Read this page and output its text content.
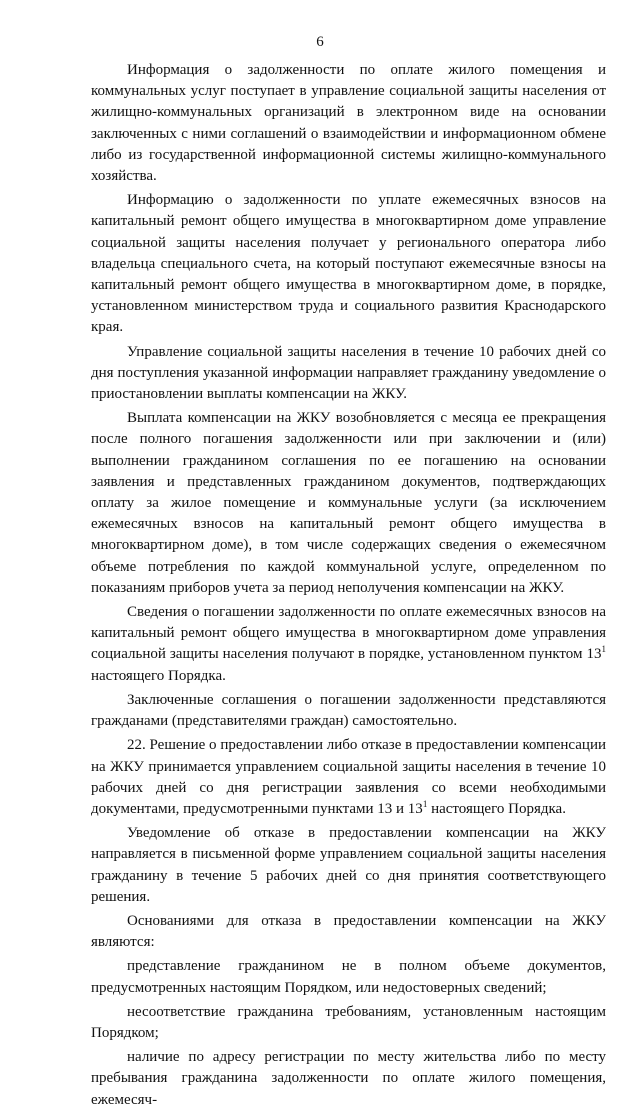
6

Информация о задолженности по оплате жилого помещения и коммунальных услуг поступает в управление социальной защиты населения от жилищно-коммунальных организаций в электронном виде на основании заключенных с ними соглашений о взаимодействии и информационном обмене либо из государственной информационной системы жилищно-коммунального хозяйства.

Информацию о задолженности по уплате ежемесячных взносов на капитальный ремонт общего имущества в многоквартирном доме управление социальной защиты населения получает у регионального оператора либо владельца специального счета, на который поступают ежемесячные взносы на капитальный ремонт общего имущества в многоквартирном доме, в порядке, установленном министерством труда и социального развития Краснодарского края.

Управление социальной защиты населения в течение 10 рабочих дней со дня поступления указанной информации направляет гражданину уведомление о приостановлении выплаты компенсации на ЖКУ.

Выплата компенсации на ЖКУ возобновляется с месяца ее прекращения после полного погашения задолженности или при заключении и (или) выполнении гражданином соглашения по ее погашению на основании заявления и представленных гражданином документов, подтверждающих оплату за жилое помещение и коммунальные услуги (за исключением ежемесячных взносов на капитальный ремонт общего имущества в многоквартирном доме), в том числе содержащих сведения о ежемесячном объеме потребления по каждой коммунальной услуге, определенном по показаниям приборов учета за период неполучения компенсации на ЖКУ.

Сведения о погашении задолженности по оплате ежемесячных взносов на капитальный ремонт общего имущества в многоквартирном доме управления социальной защиты населения получают в порядке, установленном пунктом $13^1$ настоящего Порядка.

Заключенные соглашения о погашении задолженности представляются гражданами (представителями граждан) самостоятельно.

22. Решение о предоставлении либо отказе в предоставлении компенсации на ЖКУ принимается управлением социальной защиты населения в течение 10 рабочих дней со дня регистрации заявления со всеми необходимыми документами, предусмотренными пунктами 13 и $13^1$ настоящего Порядка.

Уведомление об отказе в предоставлении компенсации на ЖКУ направляется в письменной форме управлением социальной защиты населения гражданину в течение 5 рабочих дней со дня принятия соответствующего решения.

Основаниями для отказа в предоставлении компенсации на ЖКУ являются:

представление гражданином не в полном объеме документов, предусмотренных настоящим Порядком, или недостоверных сведений;

несоответствие гражданина требованиям, установленным настоящим Порядком;

наличие по адресу регистрации по месту жительства либо по месту пребывания гражданина задолженности по оплате жилого помещения, ежемесяч-
